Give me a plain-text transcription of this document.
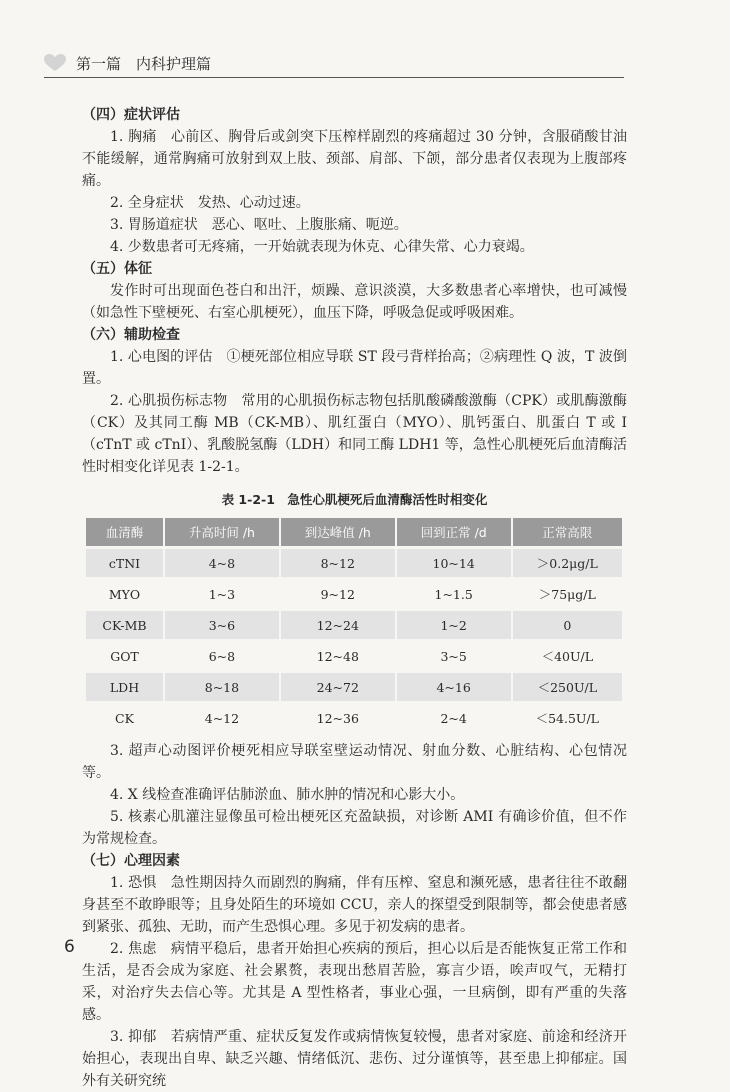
第一篇　内科护理篇

（四）症状评估

1. 胸痛　心前区、胸骨后或剑突下压榨样剧烈的疼痛超过 30 分钟，含服硝酸甘油不能缓解，通常胸痛可放射到双上肢、颈部、肩部、下颌，部分患者仅表现为上腹部疼痛。

2. 全身症状　发热、心动过速。

3. 胃肠道症状　恶心、呕吐、上腹胀痛、呃逆。

4. 少数患者可无疼痛，一开始就表现为休克、心律失常、心力衰竭。

（五）体征

发作时可出现面色苍白和出汗，烦躁、意识淡漠，大多数患者心率增快，也可减慢（如急性下壁梗死、右室心肌梗死），血压下降，呼吸急促或呼吸困难。

（六）辅助检查

1. 心电图的评估　①梗死部位相应导联 ST 段弓背样抬高；②病理性 Q 波，T 波倒置。

2. 心肌损伤标志物　常用的心肌损伤标志物包括肌酸磷酸激酶（CPK）或肌酶激酶（CK）及其同工酶 MB（CK-MB）、肌红蛋白（MYO）、肌钙蛋白、肌蛋白 T 或 I（cTnT 或 cTnI）、乳酸脱氢酶（LDH）和同工酶 LDH1 等，急性心肌梗死后血清酶活性时相变化详见表 1-2-1。

表 1-2-1　急性心肌梗死后血清酶活性时相变化
血清酶	升高时间 /h	到达峰值 /h	回到正常 /d	正常高限
cTNI	4~8	8~12	10~14	＞0.2μg/L
MYO	1~3	9~12	1~1.5	＞75μg/L
CK-MB	3~6	12~24	1~2	0
GOT	6~8	12~48	3~5	＜40U/L
LDH	8~18	24~72	4~16	＜250U/L
CK	4~12	12~36	2~4	＜54.5U/L

3. 超声心动图评价梗死相应导联室壁运动情况、射血分数、心脏结构、心包情况等。

4. X 线检查准确评估肺淤血、肺水肿的情况和心影大小。

5. 核素心肌灌注显像虽可检出梗死区充盈缺损，对诊断 AMI 有确诊价值，但不作为常规检查。

（七）心理因素

1. 恐惧　急性期因持久而剧烈的胸痛，伴有压榨、窒息和濒死感，患者往往不敢翻身甚至不敢睁眼等；且身处陌生的环境如 CCU，亲人的探望受到限制等，都会使患者感到紧张、孤独、无助，而产生恐惧心理。多见于初发病的患者。

2. 焦虑　病情平稳后，患者开始担心疾病的预后，担心以后是否能恢复正常工作和生活，是否会成为家庭、社会累赘，表现出愁眉苦脸，寡言少语，唉声叹气，无精打采，对治疗失去信心等。尤其是 A 型性格者，事业心强，一旦病倒，即有严重的失落感。

3. 抑郁　若病情严重、症状反复发作或病情恢复较慢，患者对家庭、前途和经济开始担心，表现出自卑、缺乏兴趣、情绪低沉、悲伤、过分谨慎等，甚至患上抑郁症。国外有关研究统

6
